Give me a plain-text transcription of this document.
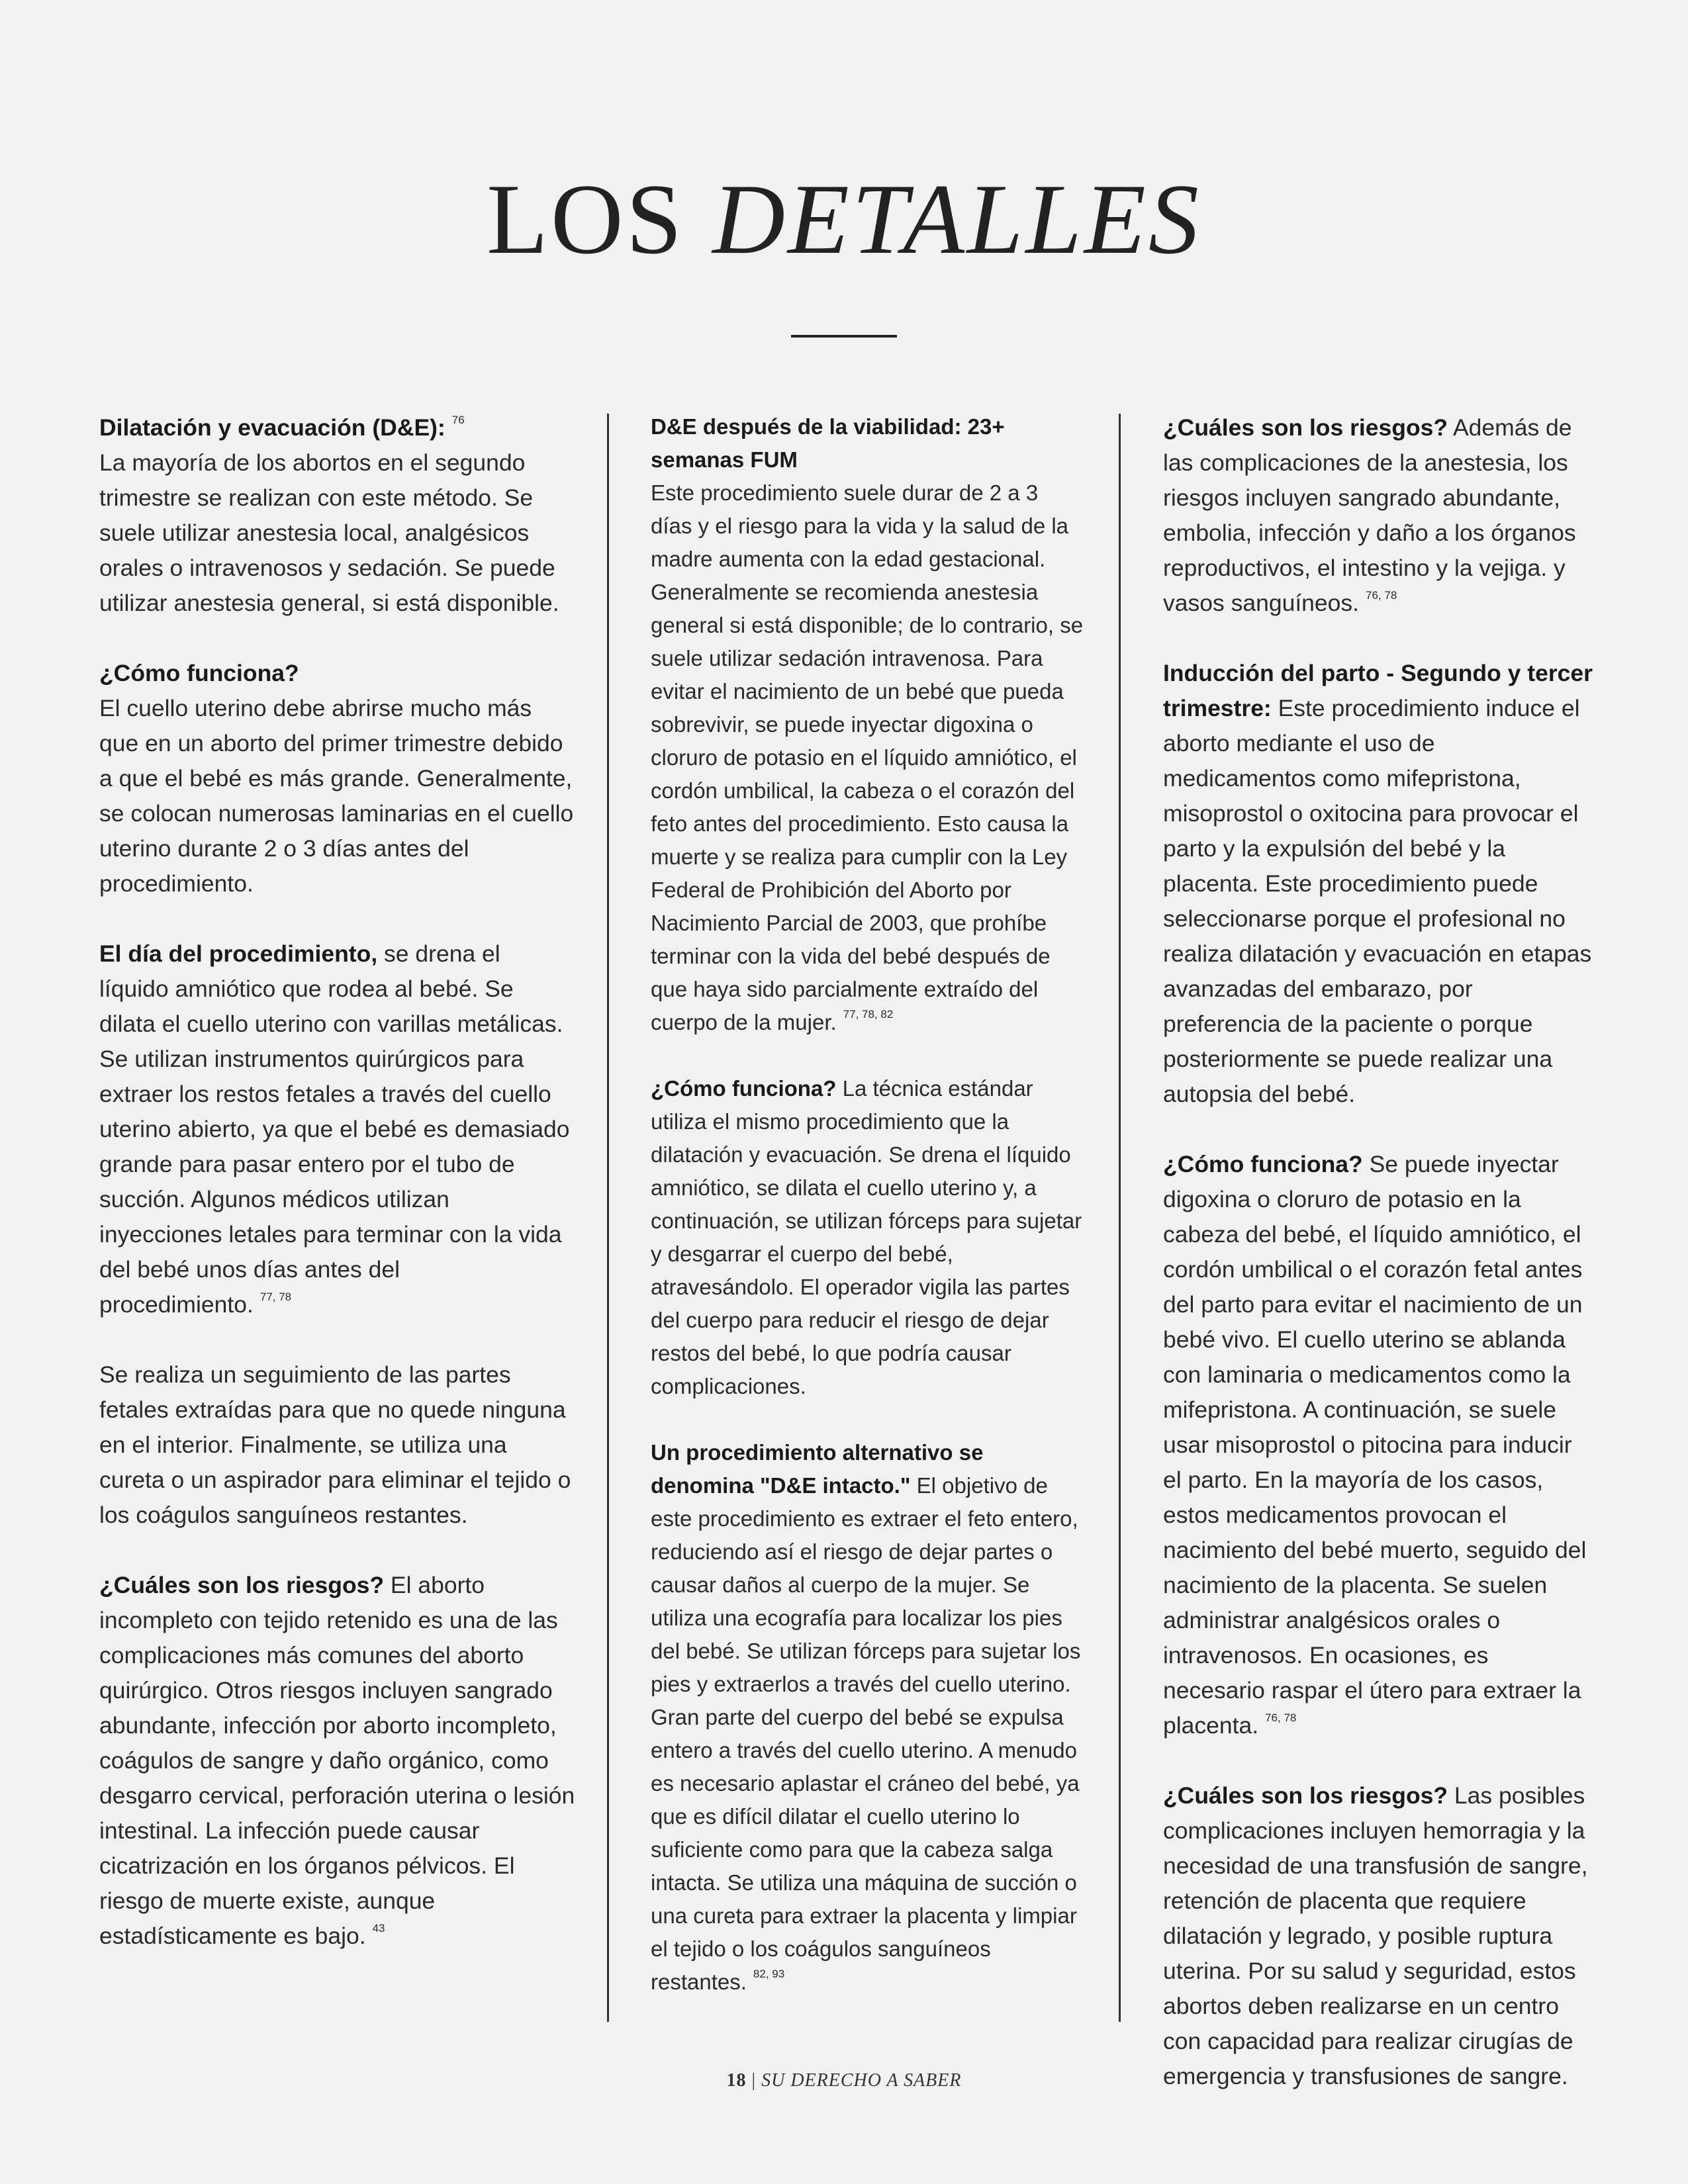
LOS DETALLES

Dilatación y evacuación (D&E): $^{76}$
La mayoría de los abortos en el segundo trimestre se realizan con este método. Se suele utilizar anestesia local, analgésicos orales o intravenosos y sedación. Se puede utilizar anestesia general, si está disponible.

¿Cómo funciona?
El cuello uterino debe abrirse mucho más que en un aborto del primer trimestre debido a que el bebé es más grande. Generalmente, se colocan numerosas laminarias en el cuello uterino durante 2 o 3 días antes del procedimiento.

El día del procedimiento, se drena el líquido amniótico que rodea al bebé. Se dilata el cuello uterino con varillas metálicas. Se utilizan instrumentos quirúrgicos para extraer los restos fetales a través del cuello uterino abierto, ya que el bebé es demasiado grande para pasar entero por el tubo de succión. Algunos médicos utilizan inyecciones letales para terminar con la vida del bebé unos días antes del procedimiento. $^{77, 78}$

Se realiza un seguimiento de las partes fetales extraídas para que no quede ninguna en el interior. Finalmente, se utiliza una cureta o un aspirador para eliminar el tejido o los coágulos sanguíneos restantes.

¿Cuáles son los riesgos? El aborto incompleto con tejido retenido es una de las complicaciones más comunes del aborto quirúrgico. Otros riesgos incluyen sangrado abundante, infección por aborto incompleto, coágulos de sangre y daño orgánico, como desgarro cervical, perforación uterina o lesión intestinal. La infección puede causar cicatrización en los órganos pélvicos. El riesgo de muerte existe, aunque estadísticamente es bajo. $^{43}$

D&E después de la viabilidad: 23+ semanas FUM
Este procedimiento suele durar de 2 a 3 días y el riesgo para la vida y la salud de la madre aumenta con la edad gestacional. Generalmente se recomienda anestesia general si está disponible; de lo contrario, se suele utilizar sedación intravenosa. Para evitar el nacimiento de un bebé que pueda sobrevivir, se puede inyectar digoxina o cloruro de potasio en el líquido amniótico, el cordón umbilical, la cabeza o el corazón del feto antes del procedimiento. Esto causa la muerte y se realiza para cumplir con la Ley Federal de Prohibición del Aborto por Nacimiento Parcial de 2003, que prohíbe terminar con la vida del bebé después de que haya sido parcialmente extraído del cuerpo de la mujer. $^{77, 78, 82}$

¿Cómo funciona? La técnica estándar utiliza el mismo procedimiento que la dilatación y evacuación. Se drena el líquido amniótico, se dilata el cuello uterino y, a continuación, se utilizan fórceps para sujetar y desgarrar el cuerpo del bebé, atravesándolo. El operador vigila las partes del cuerpo para reducir el riesgo de dejar restos del bebé, lo que podría causar complicaciones.

Un procedimiento alternativo se denomina "D&E intacto." El objetivo de este procedimiento es extraer el feto entero, reduciendo así el riesgo de dejar partes o causar daños al cuerpo de la mujer. Se utiliza una ecografía para localizar los pies del bebé. Se utilizan fórceps para sujetar los pies y extraerlos a través del cuello uterino. Gran parte del cuerpo del bebé se expulsa entero a través del cuello uterino. A menudo es necesario aplastar el cráneo del bebé, ya que es difícil dilatar el cuello uterino lo suficiente como para que la cabeza salga intacta. Se utiliza una máquina de succión o una cureta para extraer la placenta y limpiar el tejido o los coágulos sanguíneos restantes. $^{82, 93}$

¿Cuáles son los riesgos? Además de las complicaciones de la anestesia, los riesgos incluyen sangrado abundante, embolia, infección y daño a los órganos reproductivos, el intestino y la vejiga. y vasos sanguíneos. $^{76, 78}$

Inducción del parto - Segundo y tercer trimestre: Este procedimiento induce el aborto mediante el uso de medicamentos como mifepristona, misoprostol o oxitocina para provocar el parto y la expulsión del bebé y la placenta. Este procedimiento puede seleccionarse porque el profesional no realiza dilatación y evacuación en etapas avanzadas del embarazo, por preferencia de la paciente o porque posteriormente se puede realizar una autopsia del bebé.

¿Cómo funciona? Se puede inyectar digoxina o cloruro de potasio en la cabeza del bebé, el líquido amniótico, el cordón umbilical o el corazón fetal antes del parto para evitar el nacimiento de un bebé vivo. El cuello uterino se ablanda con laminaria o medicamentos como la mifepristona. A continuación, se suele usar misoprostol o pitocina para inducir el parto. En la mayoría de los casos, estos medicamentos provocan el nacimiento del bebé muerto, seguido del nacimiento de la placenta. Se suelen administrar analgésicos orales o intravenosos. En ocasiones, es necesario raspar el útero para extraer la placenta. $^{76, 78}$

¿Cuáles son los riesgos? Las posibles complicaciones incluyen hemorragia y la necesidad de una transfusión de sangre, retención de placenta que requiere dilatación y legrado, y posible ruptura uterina. Por su salud y seguridad, estos abortos deben realizarse en un centro con capacidad para realizar cirugías de emergencia y transfusiones de sangre.

18 | SU DERECHO A SABER
